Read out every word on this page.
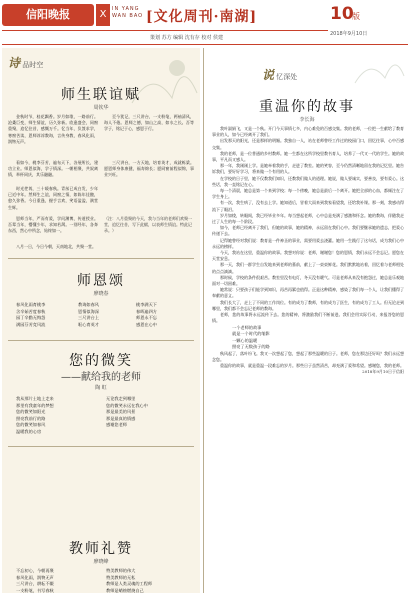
信阳晚报	X	IN YANG
WAN BAO [文化周刊·南湖]	10
版
策划 苏方 编辑 沈有存 校对 侯建
2018年9月10日
诗 品时空
师生联谊赋
周钦华
金秋时节，桂花飘香。岁月如歌，一路前行。沧桑巨变，师生情谊，历久弥新。欣逢盛会，同窗重聚，追忆往昔，感慨万千。忆当年，负笈求学，寒窗苦读，恩师谆谆教诲，言传身教，春风化雨，润物无声。
看如今，桃李芬芳，遍布天下，各展所长，建功立业。师恩似海，学子情深。一朝相聚，共叙离情，举杯同庆，其乐融融。
时光荏苒，三十载春秋。青丝已成白发，少年已近中年。然师生之谊，同窗之情，如陈年佳酿，愈久弥香。今日重逢，握手言欢，笑语盈盈，满堂生辉。
恩师当年，严而有爱，学问渊博，传道授业。吾辈当年，懵懂少年，求知若渴。一别经年，各奔东西，然心中所念，始终如一。
八月一日，今日今朝，天南地北，共聚一堂。
至今犹记，三尺讲台，一支粉笔，两袖清风，诲人不倦。恩师之德，如山之高，如水之长。吾等学子，铭记于心，感恩于行。
三尺讲台，一方天地，培育英才，成就栋梁。愿恩师身体康健，福寿绵长；愿同窗前程似锦，事业兴旺。
（注：八月重聚的今天，我与当年的老师们欢聚一堂，追忆往昔，写下此赋，以表师生情谊。特此记录。）
师恩颂
廖晓春
春风化雨育桃李
含辛茹苦度春秋
园丁辛勤无悔怨
满园芬芳竞风流
教诲如春风
恩情似海深
三尺讲台上
呕心育英才
桃李满天下
春晖遍四方
师恩永不忘
感恩在心中
您的微笑
——献给我的老师
陶 虹
我从那片土地上走来
那里有我童年的梦想
您的微笑如阳光
照亮我前行的路
您的微笑如春风
温暖我的心房
无论我走到哪里
您的微笑永远在我心中
那是最美的风景
那是最真的情感
感谢您老师
教师礼赞
廖晓峰
不忘初心，今朝再聚
春风化雨，润物无声
三尺讲台，耕耘不辍
一支粉笔，书写春秋
赞美教师的伟大
赞美教师的无私
教师是人类灵魂的工程师
教师是蜡烛燃烧自己
说 忆深处
重温你的故事
李长海
我叶淑娟飞，又是一个秋。开门今天事情七多，内心难免的百感交集。我的老师，一位把一生献给了教育事业的人，如今已经离开了我们。
出发那天的阳光，还是那样的明媚。我独自一人，站在老师曾经工作过的校园门口，回忆往事，心中百感交集。
我的老师，是一位普通的乡村教师。她一生都在这所学校里教书育人，培养了一代又一代的学生。她的故事，平凡而又感人。
那一年，我刚刚上学。是她牵着我的手，走进了教室。她的笑容，至今仍然清晰地留在我的记忆里。她告诉我们，要好好学习，将来做一个有用的人。
在学校的日子里，她不仅教我们知识，还教我们做人的道理。她说，做人要诚实，要善良，要有爱心。这些话，我一直铭记在心。
每一个清晨，她总是第一个来到学校；每一个傍晚，她总是最后一个离开。她把全部的心血，都倾注在了学生身上。
有一次，我生病了，没有去上学。她知道后，冒着大雨来到我家看望我，还给我补课。那一刻，我感动得流下了眼泪。
岁月如梭，转眼间，我已经毕业多年。每当想起老师，心中总是充满了感激和怀念。她的教诲，伴随我走过了人生的每一个阶段。
如今，老师已经离开了我们，但她的故事，她的精神，永远留在我们心中。我们要继承她的遗志，把爱心传递下去。
记得她曾经对我们说：教育是一件神圣的事业，需要用爱去浇灌。她用一生践行了这句话，成为我们心中永远的榜样。
今天，我站在这里，重温你的故事。我想对你说：老师，谢谢您！您的恩情，我们永远不会忘记。愿您在天堂安息。
那一天，我们一群学生自发地来到老师的墓前，献上了一束束鲜花。我们默默地站着，回忆着与老师相处的点点滴滴。
那时候，学校的条件很艰苦。教室里没有电灯，冬天没有暖气。可是老师从来没有抱怨过，她总是乐观地面对一切困难。
她常说：只要孩子们能学到知识，再苦再累也值得。正是这种精神，感染了我们每一个人，让我们懂得了奉献的意义。
我们长大了，走上了不同的工作岗位。有的成为了教师，有的成为了医生，有的成为了工人。但无论走到哪里，我们都不会忘记老师的教诲。
老师，您的故事将永远流传下去。您的精神，将激励我们不断前进。我们会用实际行动，来报答您的恩情。
一个老师的故事
就是一个时代的缩影
一颗心的温暖
照亮了无数孩子的路
秋风起了，落叶纷飞。我又一次想起了您，想起了那些温暖的日子。老师，您在那边还好吗？我们永远想念您。
重温你的故事，就是重温一段难忘的岁月。那些日子虽然清苦，却充满了爱和希望。感谢您，我的老师。
2018年9月10日于信阳
